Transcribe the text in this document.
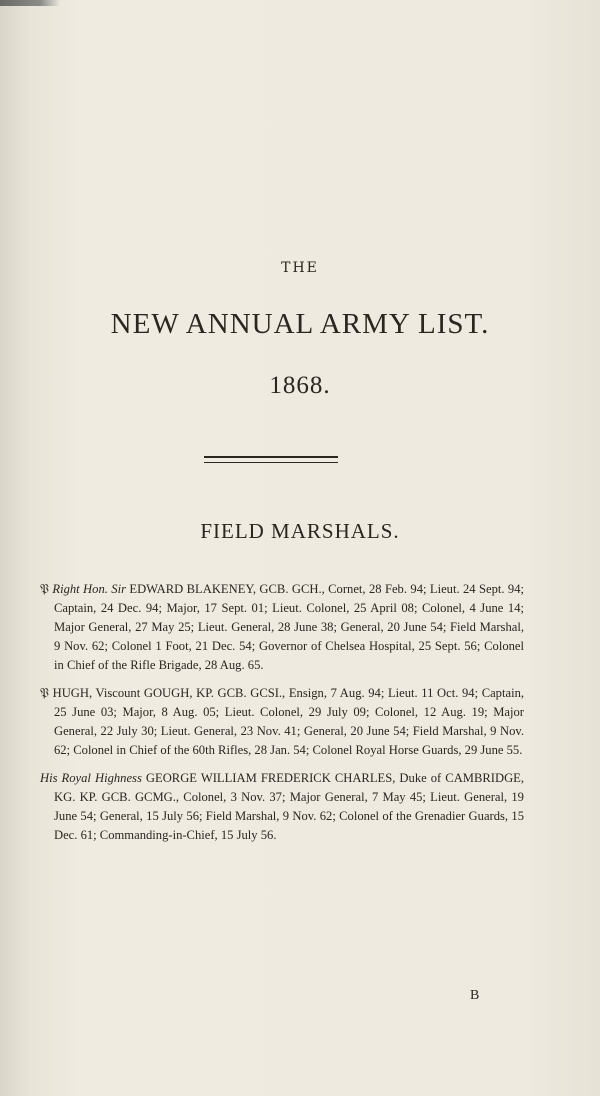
THE
NEW ANNUAL ARMY LIST.
1868.
FIELD MARSHALS.
𝔓 Right Hon. Sir EDWARD BLAKENEY, GCB. GCH., Cornet, 28 Feb. 94; Lieut. 24 Sept. 94; Captain, 24 Dec. 94; Major, 17 Sept. 01; Lieut. Colonel, 25 April 08; Colonel, 4 June 14; Major General, 27 May 25; Lieut. General, 28 June 38; General, 20 June 54; Field Marshal, 9 Nov. 62; Colonel 1 Foot, 21 Dec. 54; Governor of Chelsea Hospital, 25 Sept. 56; Colonel in Chief of the Rifle Brigade, 28 Aug. 65.
𝔓 HUGH, Viscount GOUGH, KP. GCB. GCSI., Ensign, 7 Aug. 94; Lieut. 11 Oct. 94; Captain, 25 June 03; Major, 8 Aug. 05; Lieut. Colonel, 29 July 09; Colonel, 12 Aug. 19; Major General, 22 July 30; Lieut. General, 23 Nov. 41; General, 20 June 54; Field Marshal, 9 Nov. 62; Colonel in Chief of the 60th Rifles, 28 Jan. 54; Colonel Royal Horse Guards, 29 June 55.
His Royal Highness GEORGE WILLIAM FREDERICK CHARLES, Duke of CAMBRIDGE, KG. KP. GCB. GCMG., Colonel, 3 Nov. 37; Major General, 7 May 45; Lieut. General, 19 June 54; General, 15 July 56; Field Marshal, 9 Nov. 62; Colonel of the Grenadier Guards, 15 Dec. 61; Commanding-in-Chief, 15 July 56.
B
